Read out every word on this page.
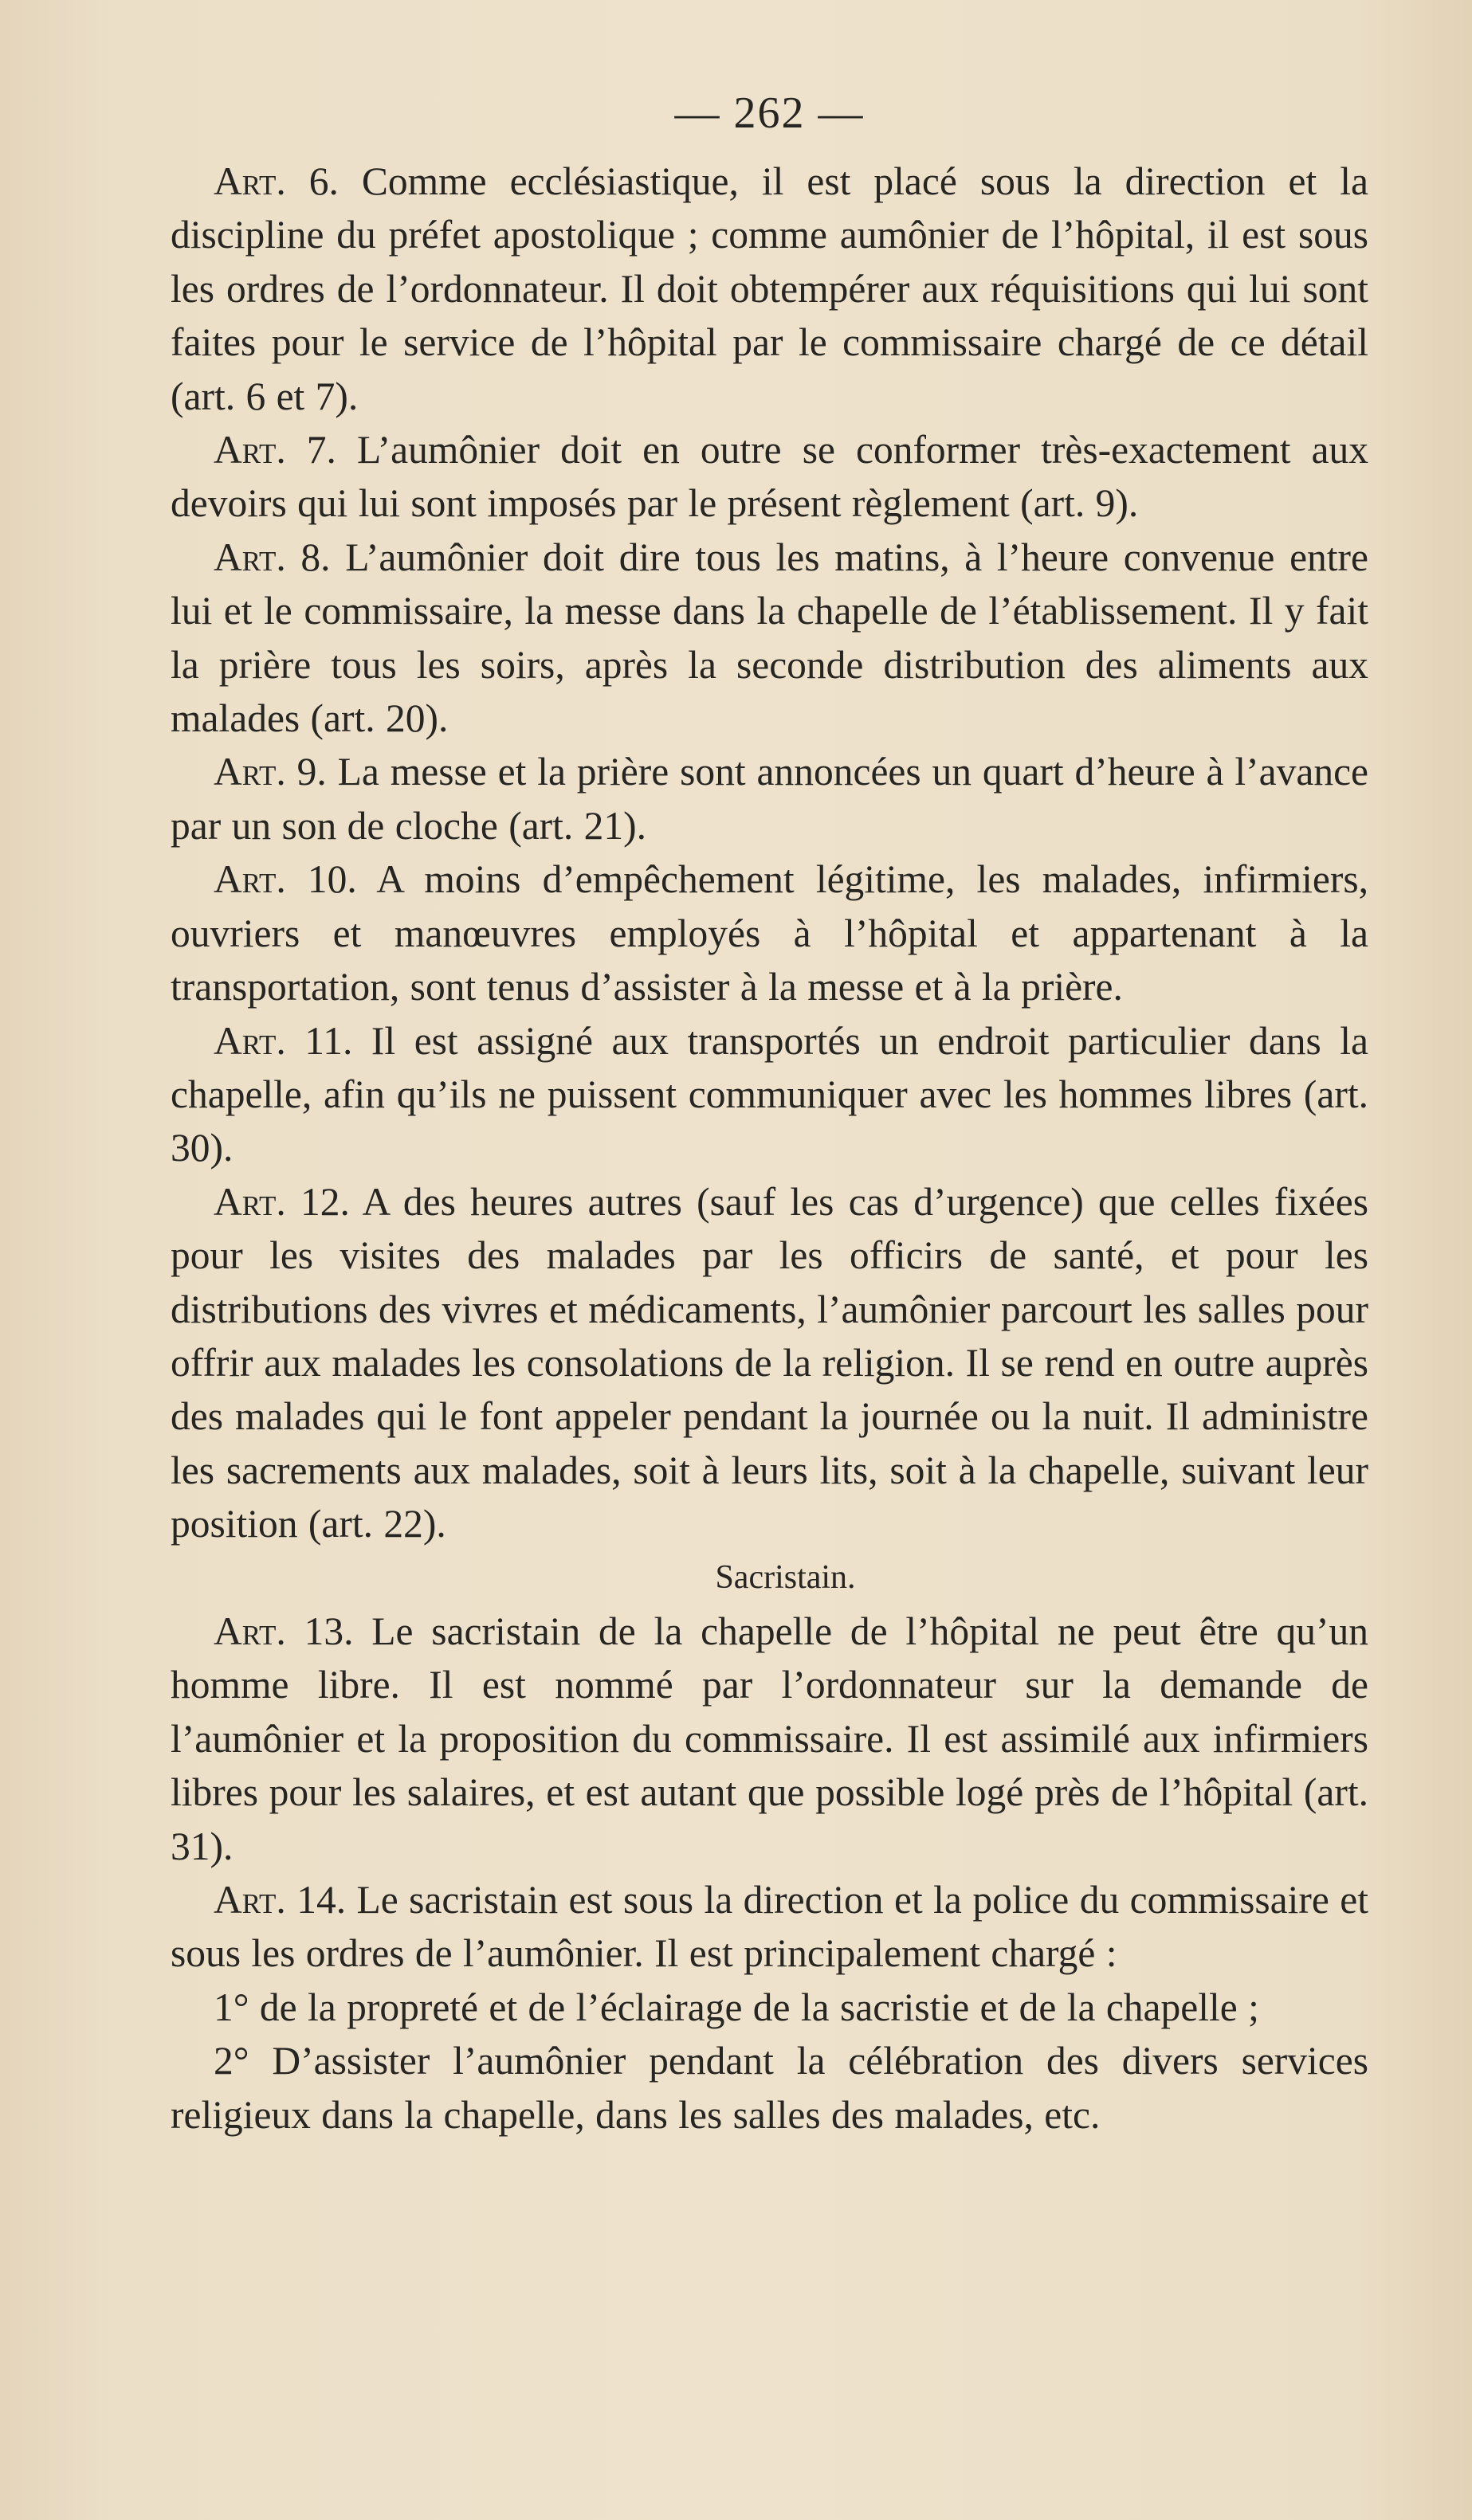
— 262 —

Art. 6. Comme ecclésiastique, il est placé sous la direction et la discipline du préfet apostolique ; comme aumônier de l’hôpital, il est sous les ordres de l’ordonnateur. Il doit obtempérer aux réquisitions qui lui sont faites pour le service de l’hôpital par le commissaire chargé de ce détail (art. 6 et 7).

Art. 7. L’aumônier doit en outre se conformer très-exactement aux devoirs qui lui sont imposés par le présent règlement (art. 9).

Art. 8. L’aumônier doit dire tous les matins, à l’heure convenue entre lui et le commissaire, la messe dans la chapelle de l’établissement. Il y fait la prière tous les soirs, après la seconde distribution des aliments aux malades (art. 20).

Art. 9. La messe et la prière sont annoncées un quart d’heure à l’avance par un son de cloche (art. 21).

Art. 10. A moins d’empêchement légitime, les malades, infirmiers, ouvriers et manœuvres employés à l’hôpital et appartenant à la transportation, sont tenus d’assister à la messe et à la prière.

Art. 11. Il est assigné aux transportés un endroit particulier dans la chapelle, afin qu’ils ne puissent communiquer avec les hommes libres (art. 30).

Art. 12. A des heures autres (sauf les cas d’urgence) que celles fixées pour les visites des malades par les officirs de santé, et pour les distributions des vivres et médicaments, l’aumônier parcourt les salles pour offrir aux malades les consolations de la religion. Il se rend en outre auprès des malades qui le font appeler pendant la journée ou la nuit. Il administre les sacrements aux malades, soit à leurs lits, soit à la chapelle, suivant leur position (art. 22).

Sacristain.

Art. 13. Le sacristain de la chapelle de l’hôpital ne peut être qu’un homme libre. Il est nommé par l’ordonnateur sur la demande de l’aumônier et la proposition du commissaire. Il est assimilé aux infirmiers libres pour les salaires, et est autant que possible logé près de l’hôpital (art. 31).

Art. 14. Le sacristain est sous la direction et la police du commissaire et sous les ordres de l’aumônier. Il est principalement chargé :

1° de la propreté et de l’éclairage de la sacristie et de la chapelle ;

2° D’assister l’aumônier pendant la célébration des divers services religieux dans la chapelle, dans les salles des malades, etc.
